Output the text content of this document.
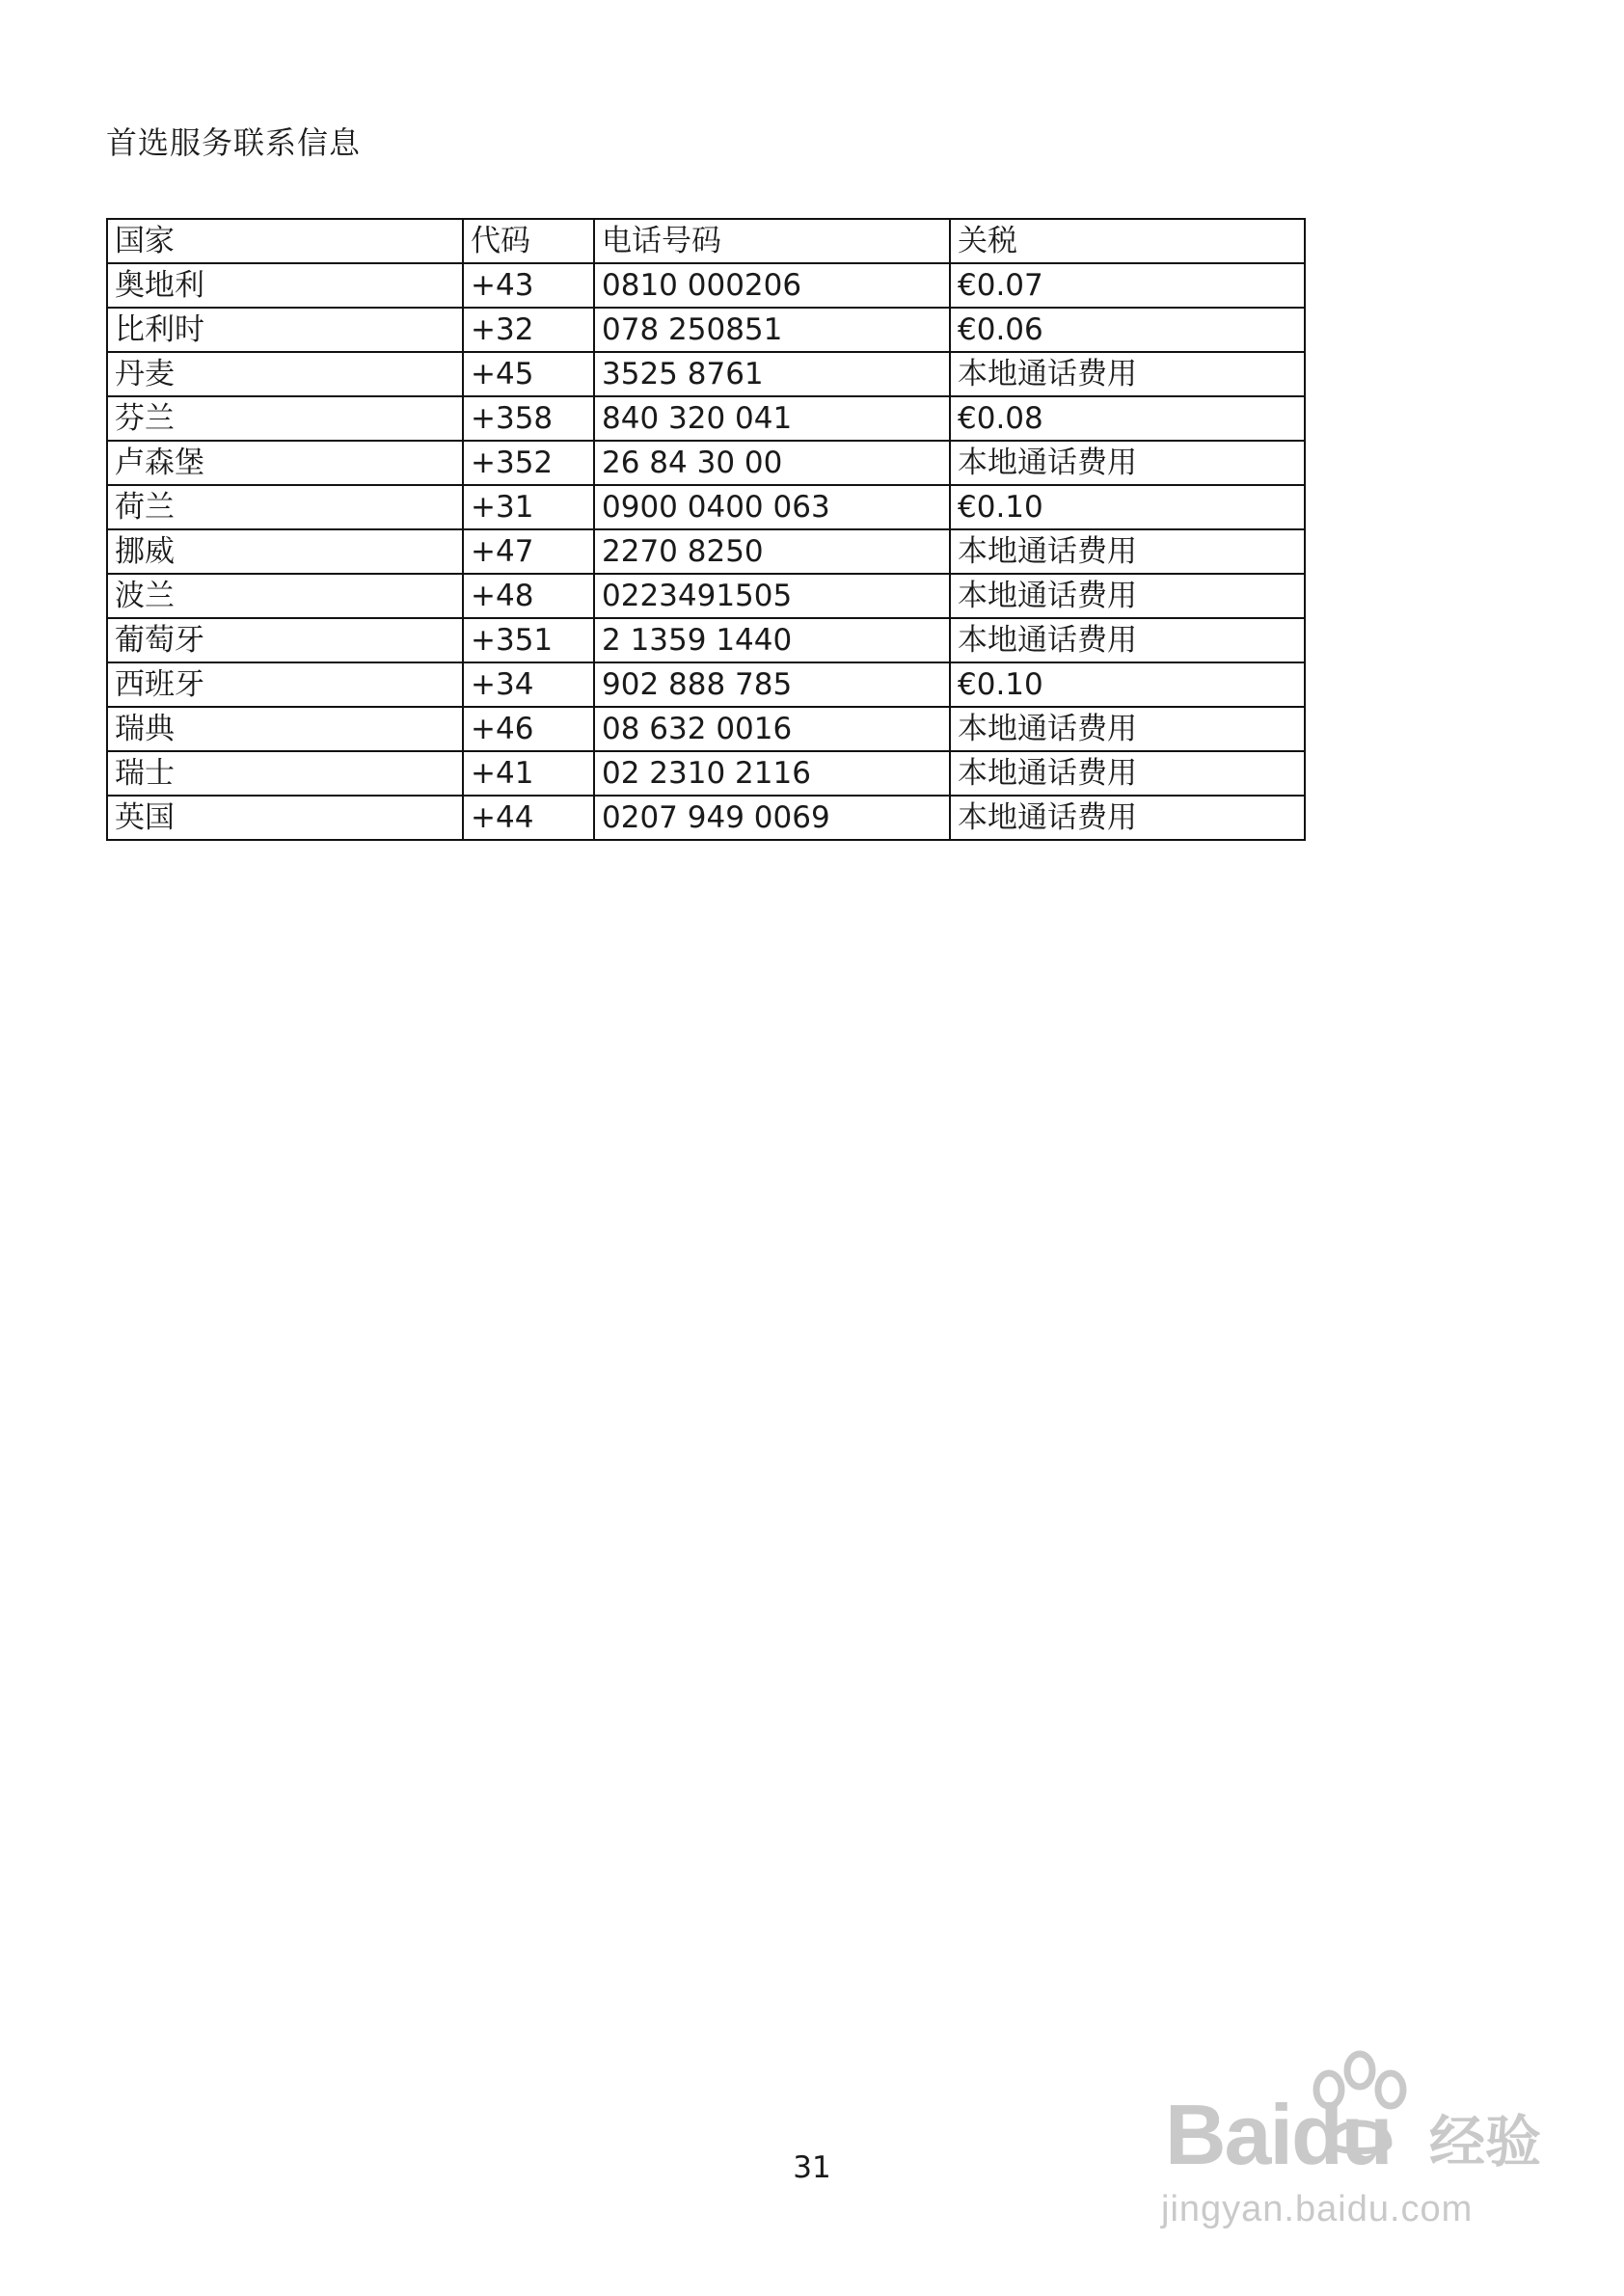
首选服务联系信息
国家	代码	电话号码	关税
奥地利	+43	0810 000206	€0.07
比利时	+32	078 250851	€0.06
丹麦	+45	3525 8761	本地通话费用
芬兰	+358	840 320 041	€0.08
卢森堡	+352	26 84 30 00	本地通话费用
荷兰	+31	0900 0400 063	€0.10
挪威	+47	2270 8250	本地通话费用
波兰	+48	0223491505	本地通话费用
葡萄牙	+351	2 1359 1440	本地通话费用
西班牙	+34	902 888 785	€0.10
瑞典	+46	08 632 0016	本地通话费用
瑞士	+41	02 2310 2116	本地通话费用
英国	+44	0207 949 0069	本地通话费用
31	Baidu 经验
jingyan.baidu.com
